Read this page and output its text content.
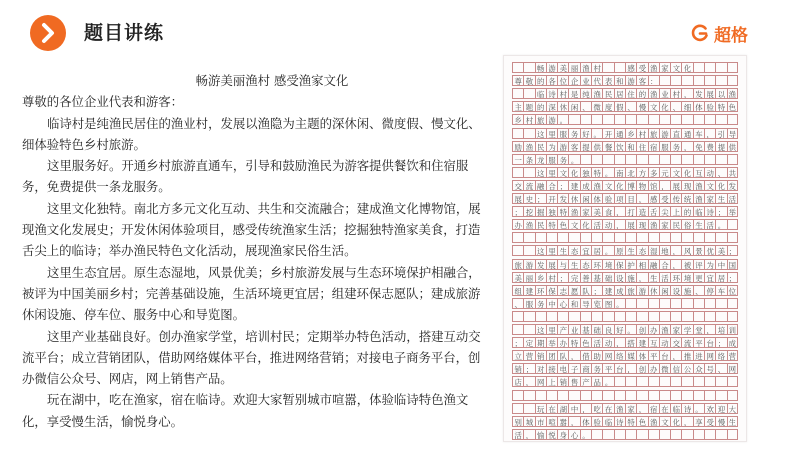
题目讲练	超格

畅游美丽渔村 感受渔家文化

尊敬的各位企业代表和游客：

临诗村是纯渔民居住的渔业村，发展以渔隐为主题的深休闲、微度假、慢文化、细体验特色乡村旅游。

这里服务好。开通乡村旅游直通车，引导和鼓励渔民为游客提供餐饮和住宿服务，免费提供一条龙服务。

这里文化独特。南北方多元文化互动、共生和交流融合；建成渔文化博物馆，展现渔文化发展史；开发休闲体验项目，感受传统渔家生活；挖掘独特渔家美食，打造舌尖上的临诗；举办渔民特色文化活动，展现渔家民俗生活。

这里生态宜居。原生态湿地，风景优美；乡村旅游发展与生态环境保护相融合，被评为中国美丽乡村；完善基础设施，生活环境更宜居；组建环保志愿队；建成旅游休闲设施、停车位、服务中心和导览图。

这里产业基础良好。创办渔家学堂，培训村民；定期举办特色活动，搭建互动交流平台；成立营销团队，借助网络媒体平台，推进网络营销；对接电子商务平台，创办微信公众号、网店，网上销售产品。

玩在湖中，吃在渔家，宿在临诗。欢迎大家暂别城市喧嚣，体验临诗特色渔文化，享受慢生活，愉悦身心。

畅 游 美 丽 渔 村	感 受 渔 家 文 化
尊 敬 的 各 位 企 业 代 表 和 游 客 ：
临 诗 村 是 纯 渔 民 居 住 的 渔 业 村 ， 发 展 以 渔
主 题 的 深 休 闲 、 微 度 假 、 慢 文 化 、 细 体 验 特 色
乡 村 旅 游 。
这 里 服 务 好 。 开 通 乡 村 旅 游 直 通 车 ， 引 导
励 渔 民 为 游 客 提 供 餐 饮 和 住 宿 服 务 ， 免 费 提 供
一 条 龙 服 务 。
这 里 文 化 独 特 。 南 北 方 多 元 文 化 互 动 、 共
交 流 融 合 ； 建 成 渔 文 化 博 物 馆 ， 展 现 渔 文 化 发
展 史 ； 开 发 休 闲 体 验 项 目 ， 感 受 传 统 渔 家 生 活
； 挖 掘 独 特 渔 家 美 食 ， 打 造 舌 尖 上 的 临 诗 ； 举
办 渔 民 特 色 文 化 活 动 ， 展 现 渔 家 民 俗 生 活 。
这 里 生 态 宜 居 。 原 生 态 湿 地 ， 风 景 优 美 ；
旅 游 发 展 与 生 态 环 境 保 护 相 融 合 ， 被 评 为 中 国
美 丽 乡 村 ； 完 善 基 础 设 施 ， 生 活 环 境 更 宜 居 ；
组 建 环 保 志 愿 队 ； 建 成 旅 游 休 闲 设 施 、 停 车 位
、 服 务 中 心 和 导 览 图 。
这 里 产 业 基 础 良 好 。 创 办 渔 家 学 堂 ， 培 训
； 定 期 举 办 特 色 活 动 ， 搭 建 互 动 交 流 平 台 ； 成
立 营 销 团 队 ， 借 助 网 络 媒 体 平 台 ， 推 进 网 络 营
销 ； 对 接 电 子 商 务 平 台 ， 创 办 微 信 公 众 号 、 网
店 ， 网 上 销 售 产 品 。
玩 在 湖 中 ， 吃 在 渔 家 ， 宿 在 临 诗 。 欢 迎 大
别 城 市 喧 嚣 ， 体 验 临 诗 特 色 渔 文 化 ， 享 受 慢 生
活 ， 愉 悦 身 心 。
